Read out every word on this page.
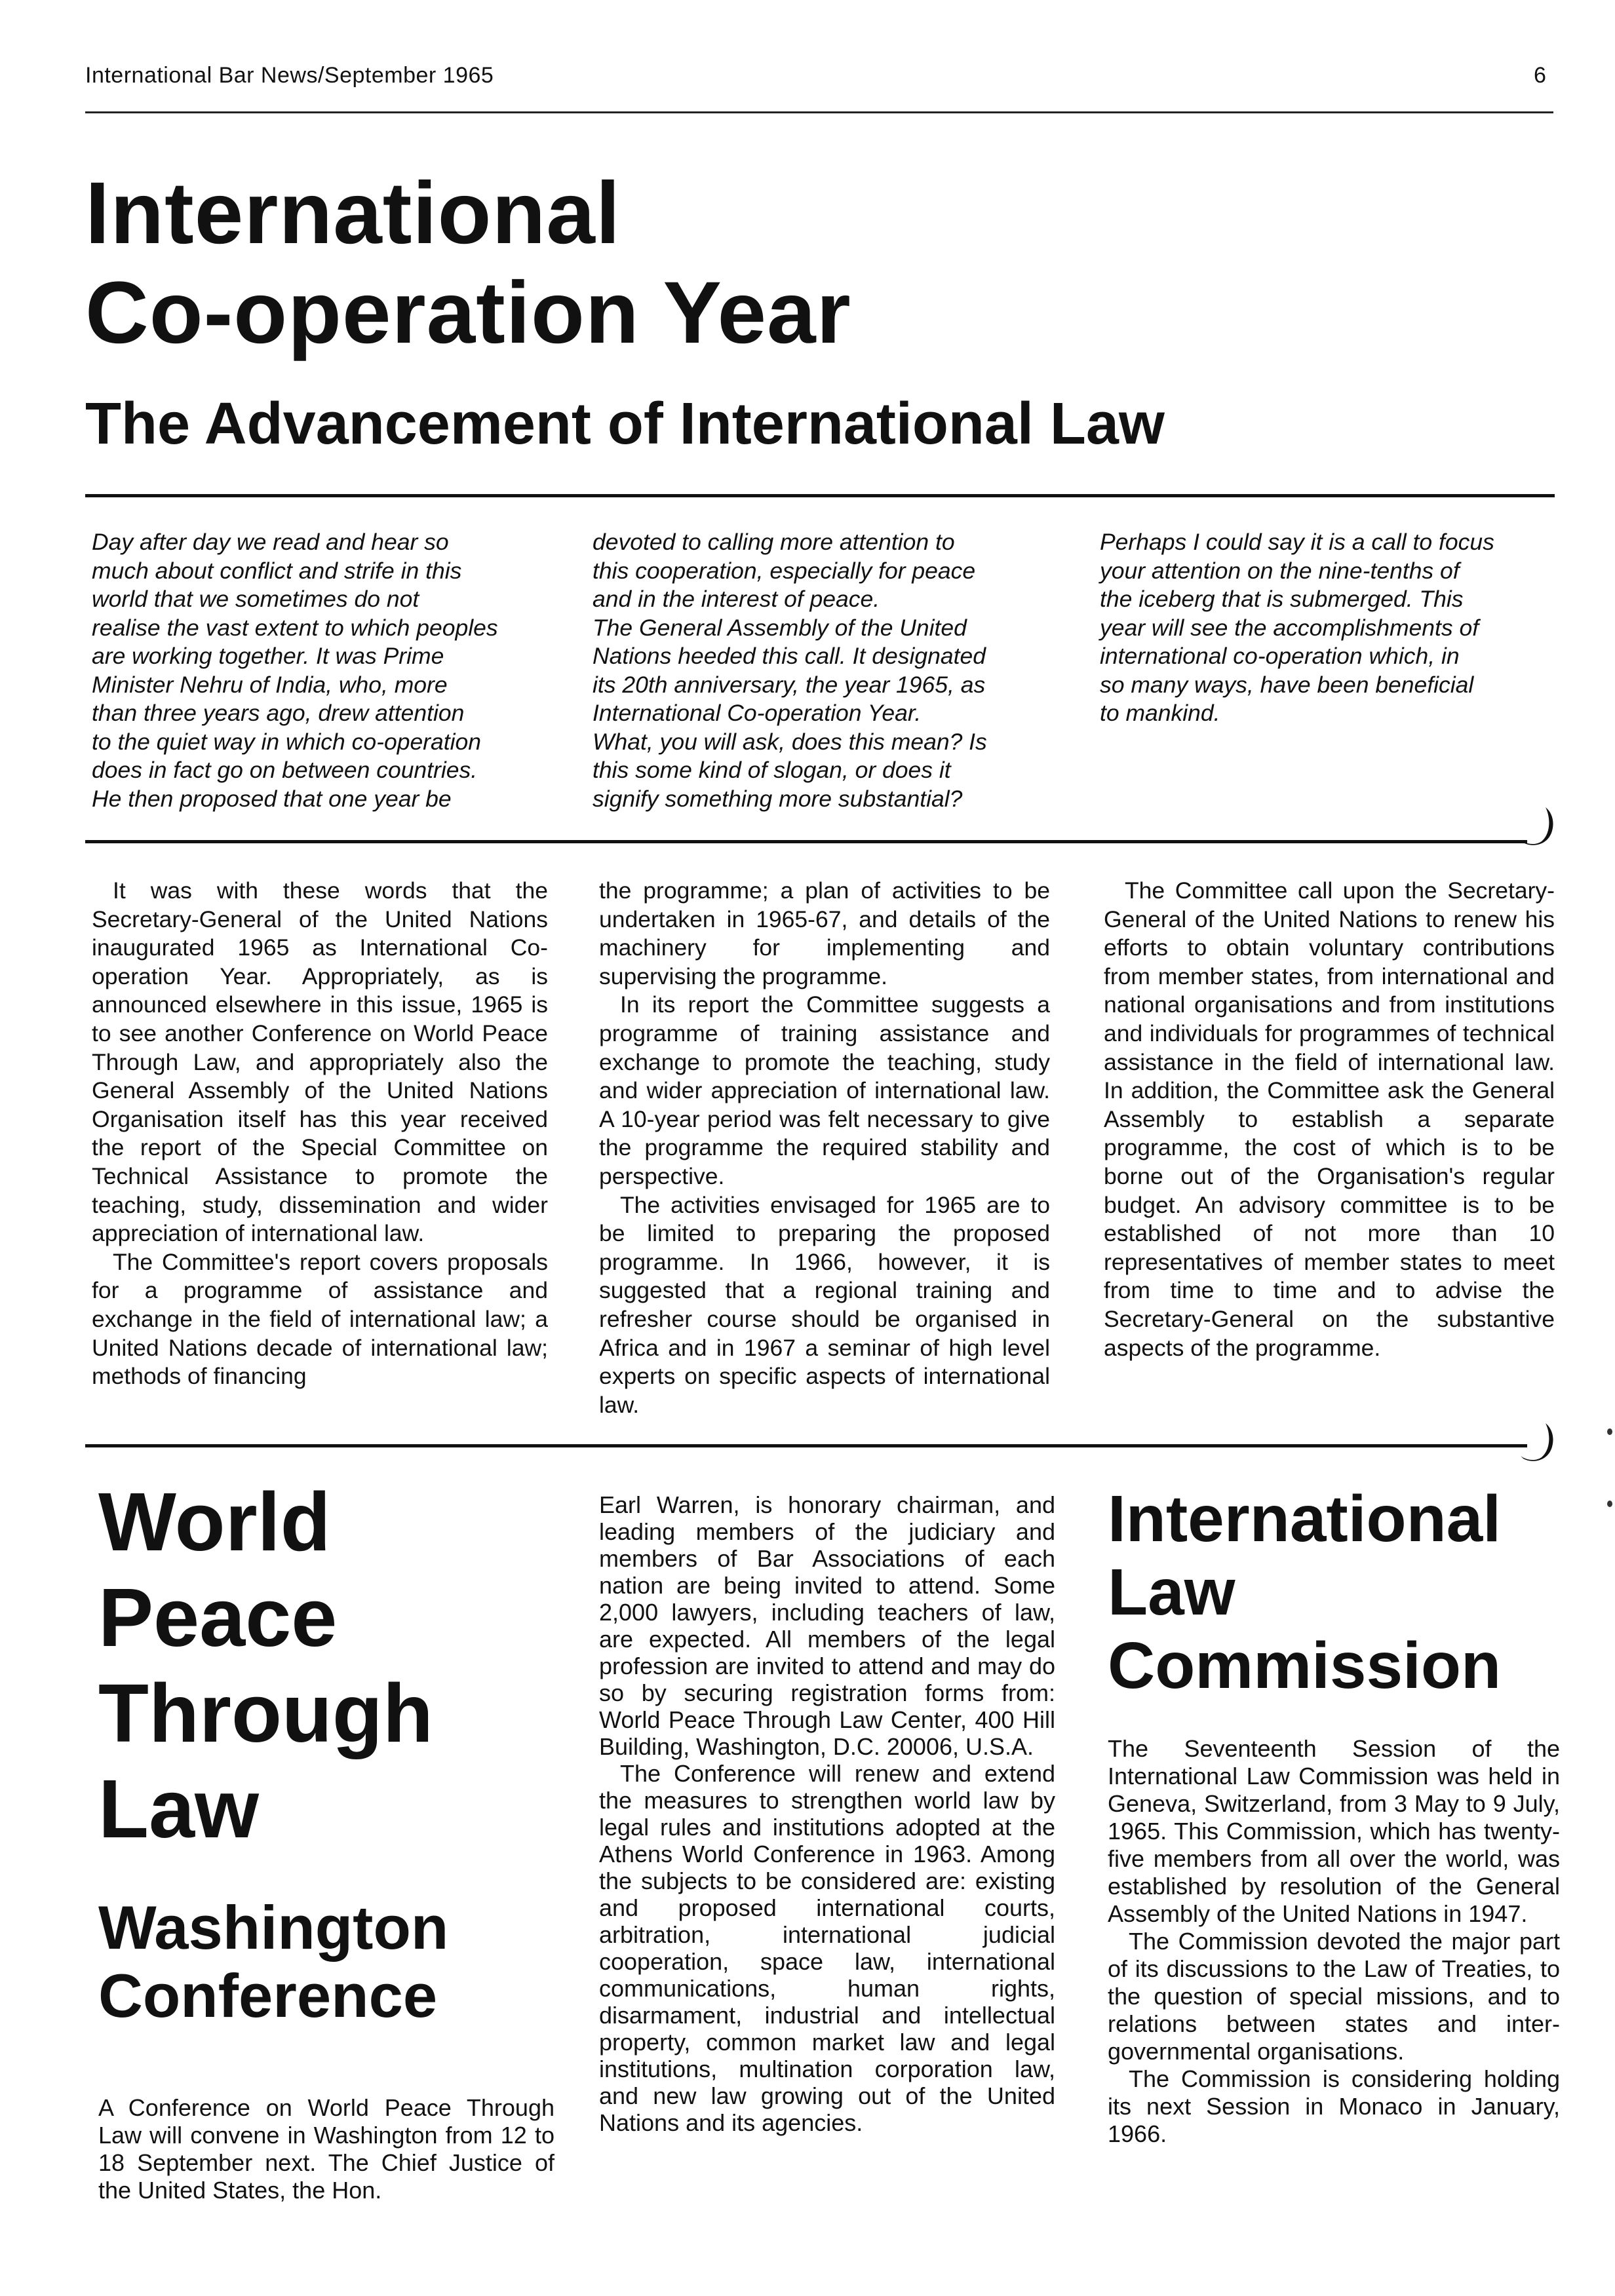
International Bar News/September 1965	6
International
Co-operation Year
The Advancement of International Law
Day after day we read and hear so
much about conflict and strife in this
world that we sometimes do not
realise the vast extent to which peoples
are working together. It was Prime
Minister Nehru of India, who, more
than three years ago, drew attention
to the quiet way in which co-operation
does in fact go on between countries.
He then proposed that one year be
devoted to calling more attention to
this cooperation, especially for peace
and in the interest of peace.
The General Assembly of the United
Nations heeded this call. It designated
its 20th anniversary, the year 1965, as
International Co-operation Year.
What, you will ask, does this mean? Is
this some kind of slogan, or does it
signify something more substantial?
Perhaps I could say it is a call to focus
your attention on the nine-tenths of
the iceberg that is submerged. This
year will see the accomplishments of
international co-operation which, in
so many ways, have been beneficial
to mankind.

It was with these words that the Secretary-General of the United Nations inaugurated 1965 as International Co-operation Year. Appropriately, as is announced elsewhere in this issue, 1965 is to see another Conference on World Peace Through Law, and appropriately also the General Assembly of the United Nations Organisation itself has this year received the report of the Special Committee on Technical Assistance to promote the teaching, study, dissemination and wider appreciation of international law.

The Committee's report covers proposals for a programme of assistance and exchange in the field of international law; a United Nations decade of international law; methods of financing

the programme; a plan of activities to be undertaken in 1965-67, and details of the machinery for implementing and supervising the programme.

In its report the Committee suggests a programme of training assistance and exchange to promote the teaching, study and wider appreciation of international law. A 10-year period was felt necessary to give the programme the required stability and perspective.

The activities envisaged for 1965 are to be limited to preparing the proposed programme. In 1966, however, it is suggested that a regional training and refresher course should be organised in Africa and in 1967 a seminar of high level experts on specific aspects of international law.

The Committee call upon the Secretary-General of the United Nations to renew his efforts to obtain voluntary contributions from member states, from international and national organisations and from institutions and individuals for programmes of technical assistance in the field of international law. In addition, the Committee ask the General Assembly to establish a separate programme, the cost of which is to be borne out of the Organisation's regular budget. An advisory committee is to be established of not more than 10 representatives of member states to meet from time to time and to advise the Secretary-General on the substantive aspects of the programme.

World
Peace
Through
Law
Washington
Conference

A Conference on World Peace Through Law will convene in Washington from 12 to 18 September next. The Chief Justice of the United States, the Hon.

Earl Warren, is honorary chairman, and leading members of the judiciary and members of Bar Associations of each nation are being invited to attend. Some 2,000 lawyers, including teachers of law, are expected. All members of the legal profession are invited to attend and may do so by securing registration forms from: World Peace Through Law Center, 400 Hill Building, Washington, D.C. 20006, U.S.A.

The Conference will renew and extend the measures to strengthen world law by legal rules and institutions adopted at the Athens World Conference in 1963. Among the subjects to be considered are: existing and proposed international courts, arbitration, international judicial cooperation, space law, international communications, human rights, disarmament, industrial and intellectual property, common market law and legal institutions, multination corporation law, and new law growing out of the United Nations and its agencies.

International
Law
Commission

The Seventeenth Session of the International Law Commission was held in Geneva, Switzerland, from 3 May to 9 July, 1965. This Commission, which has twenty-five members from all over the world, was established by resolution of the General Assembly of the United Nations in 1947.

The Commission devoted the major part of its discussions to the Law of Treaties, to the question of special missions, and to relations between states and inter-governmental organisations.

The Commission is considering holding its next Session in Monaco in January, 1966.
